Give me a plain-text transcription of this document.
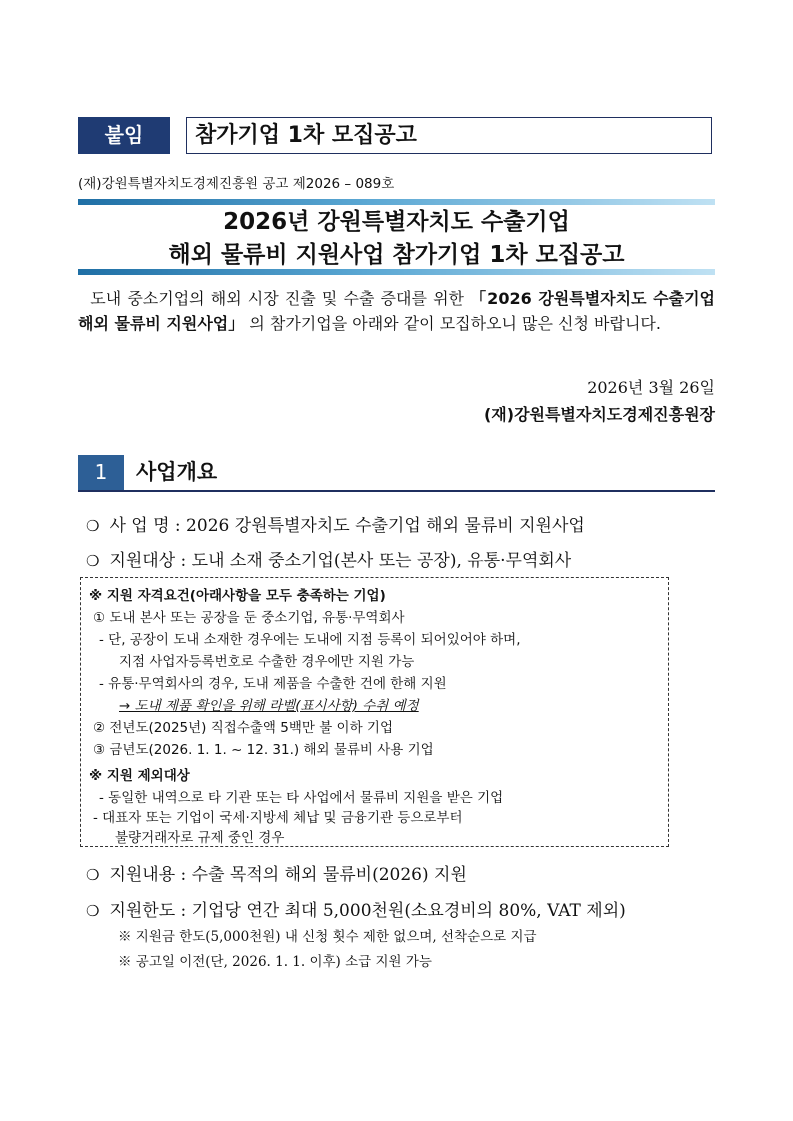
붙임	참가기업 1차 모집공고
(재)강원특별자치도경제진흥원 공고 제2026 – 089호
2026년 강원특별자치도 수출기업
해외 물류비 지원사업 참가기업 1차 모집공고
도내 중소기업의 해외 시장 진출 및 수출 증대를 위한 「2026 강원특별자치도 수출기업 해외 물류비 지원사업」 의 참가기업을 아래와 같이 모집하오니 많은 신청 바랍니다.
2026년 3월 26일
(재)강원특별자치도경제진흥원장
1	사업개요
❍ 사 업 명 : 2026 강원특별자치도 수출기업 해외 물류비 지원사업
❍ 지원대상 : 도내 소재 중소기업(본사 또는 공장), 유통·무역회사
※ 지원 자격요건(아래사항을 모두 충족하는 기업)
① 도내 본사 또는 공장을 둔 중소기업, 유통·무역회사
- 단, 공장이 도내 소재한 경우에는 도내에 지점 등록이 되어있어야 하며,
지점 사업자등록번호로 수출한 경우에만 지원 가능
- 유통·무역회사의 경우, 도내 제품을 수출한 건에 한해 지원
→ 도내 제품 확인을 위해 라벨(표시사항) 수취 예정
② 전년도(2025년) 직접수출액 5백만 불 이하 기업
③ 금년도(2026. 1. 1. ~ 12. 31.) 해외 물류비 사용 기업
※ 지원 제외대상
- 동일한 내역으로 타 기관 또는 타 사업에서 물류비 지원을 받은 기업
- 대표자 또는 기업이 국세·지방세 체납 및 금융기관 등으로부터
불량거래자로 규제 중인 경우
❍ 지원내용 : 수출 목적의 해외 물류비(2026) 지원
❍ 지원한도 : 기업당 연간 최대 5,000천원(소요경비의 80%, VAT 제외)
※ 지원금 한도(5,000천원) 내 신청 횟수 제한 없으며, 선착순으로 지급
※ 공고일 이전(단, 2026. 1. 1. 이후) 소급 지원 가능
